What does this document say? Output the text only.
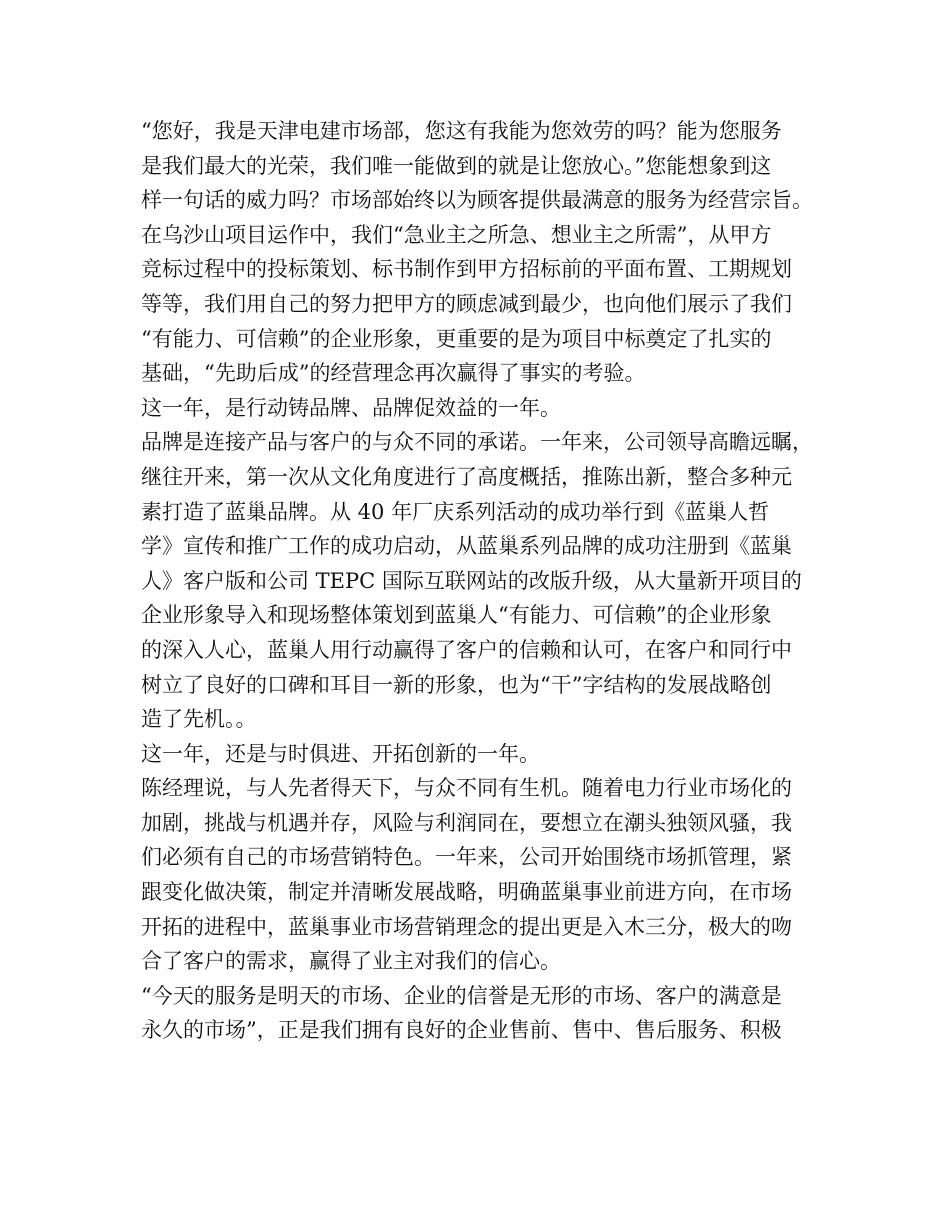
“您好，我是天津电建市场部，您这有我能为您效劳的吗？能为您服务
是我们最大的光荣，我们唯一能做到的就是让您放心。”您能想象到这
样一句话的威力吗？市场部始终以为顾客提供最满意的服务为经营宗旨。
在乌沙山项目运作中，我们“急业主之所急、想业主之所需”，从甲方
竞标过程中的投标策划、标书制作到甲方招标前的平面布置、工期规划
等等，我们用自己的努力把甲方的顾虑减到最少，也向他们展示了我们
“有能力、可信赖”的企业形象，更重要的是为项目中标奠定了扎实的
基础，“先助后成”的经营理念再次赢得了事实的考验。
这一年，是行动铸品牌、品牌促效益的一年。
品牌是连接产品与客户的与众不同的承诺。一年来，公司领导高瞻远瞩，
继往开来，第一次从文化角度进行了高度概括，推陈出新，整合多种元
素打造了蓝巢品牌。从 40 年厂庆系列活动的成功举行到《蓝巢人哲
学》宣传和推广工作的成功启动，从蓝巢系列品牌的成功注册到《蓝巢
人》客户版和公司 TEPC 国际互联网站的改版升级，从大量新开项目的
企业形象导入和现场整体策划到蓝巢人“有能力、可信赖”的企业形象
的深入人心，蓝巢人用行动赢得了客户的信赖和认可，在客户和同行中
树立了良好的口碑和耳目一新的形象，也为“干”字结构的发展战略创
造了先机。。
这一年，还是与时俱进、开拓创新的一年。
陈经理说，与人先者得天下，与众不同有生机。随着电力行业市场化的
加剧，挑战与机遇并存，风险与利润同在，要想立在潮头独领风骚，我
们必须有自己的市场营销特色。一年来，公司开始围绕市场抓管理，紧
跟变化做决策，制定并清晰发展战略，明确蓝巢事业前进方向，在市场
开拓的进程中，蓝巢事业市场营销理念的提出更是入木三分，极大的吻
合了客户的需求，赢得了业主对我们的信心。
“今天的服务是明天的市场、企业的信誉是无形的市场、客户的满意是
永久的市场”，正是我们拥有良好的企业售前、售中、售后服务、积极
